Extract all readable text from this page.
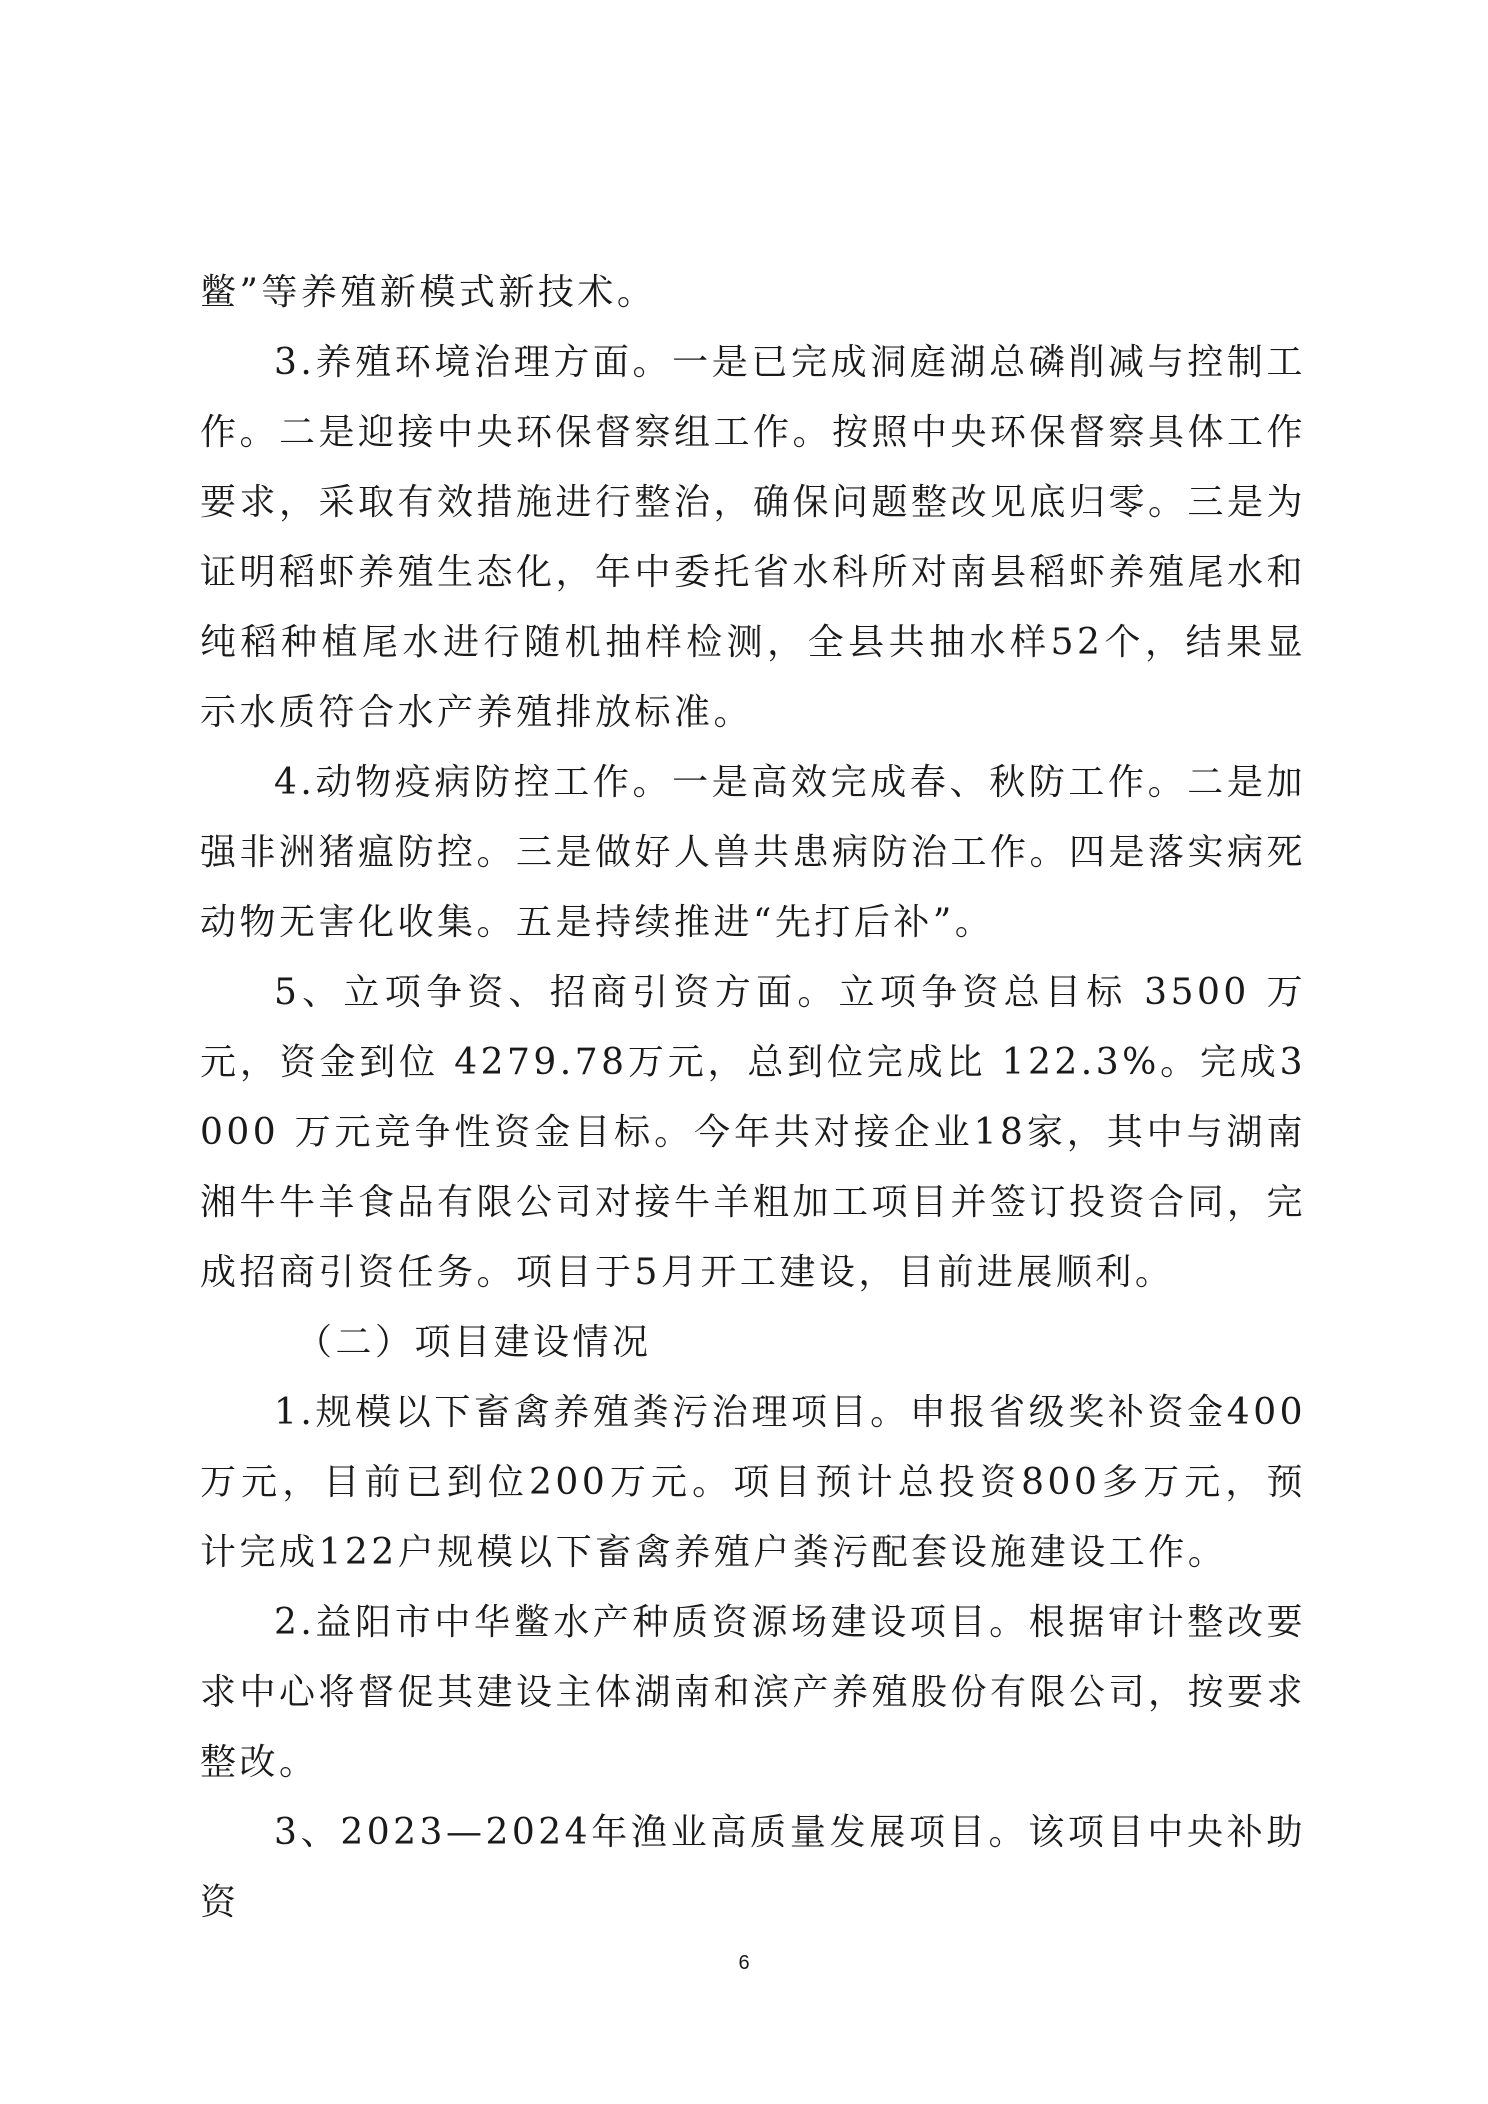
鳖”等养殖新模式新技术。

3.养殖环境治理方面。一是已完成洞庭湖总磷削减与控制工作。二是迎接中央环保督察组工作。按照中央环保督察具体工作要求，采取有效措施进行整治，确保问题整改见底归零。三是为证明稻虾养殖生态化，年中委托省水科所对南县稻虾养殖尾水和纯稻种植尾水进行随机抽样检测，全县共抽水样52个，结果显示水质符合水产养殖排放标准。

4.动物疫病防控工作。一是高效完成春、秋防工作。二是加强非洲猪瘟防控。三是做好人兽共患病防治工作。四是落实病死动物无害化收集。五是持续推进“先打后补”。

5、立项争资、招商引资方面。立项争资总目标 3500 万元，资金到位 4279.78万元，总到位完成比 122.3%。完成3000 万元竞争性资金目标。今年共对接企业18家，其中与湖南湘牛牛羊食品有限公司对接牛羊粗加工项目并签订投资合同，完成招商引资任务。项目于5月开工建设，目前进展顺利。

（二）项目建设情况

1.规模以下畜禽养殖粪污治理项目。申报省级奖补资金400万元，目前已到位200万元。项目预计总投资800多万元，预计完成122户规模以下畜禽养殖户粪污配套设施建设工作。

2.益阳市中华鳖水产种质资源场建设项目。根据审计整改要求中心将督促其建设主体湖南和滨产养殖股份有限公司，按要求整改。

3、2023—2024年渔业高质量发展项目。该项目中央补助资

6
